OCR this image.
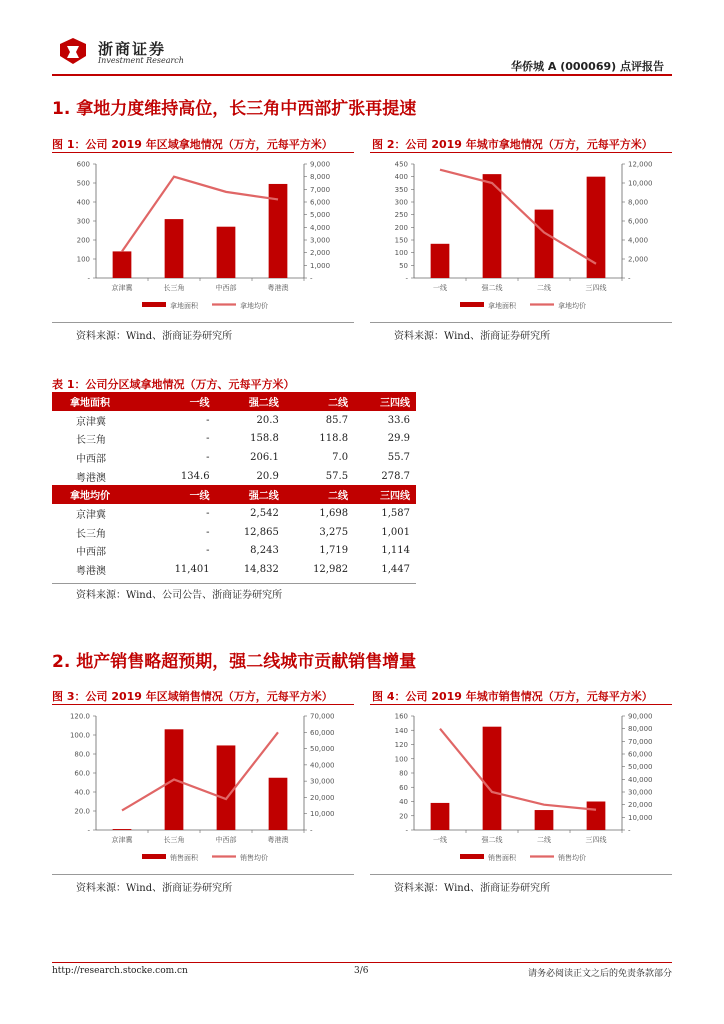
浙商证券
Investment Research	华侨城 A (000069) 点评报告
1. 拿地力度维持高位，长三角中西部扩张再提速
图 1：公司 2019 年区域拿地情况（万方，元每平方米）
-
100
200
300
400
500
600
-
1,000
2,000
3,000
4,000
5,000
6,000
7,000
8,000
9,000
京津冀	长三角	中西部	粤港澳
拿地面积	拿地均价
资料来源：Wind、浙商证券研究所
图 2：公司 2019 年城市拿地情况（万方，元每平方米）
-
50
100
150
200
250
300
350
400
450
-
2,000
4,000
6,000
8,000
10,000
12,000
一线	强二线	二线	三四线
拿地面积	拿地均价
资料来源：Wind、浙商证券研究所
表 1：公司分区域拿地情况（万方、元每平方米）
拿地面积	一线	强二线	二线	三四线
京津冀	-	20.3	85.7	33.6
长三角	-	158.8	118.8	29.9
中西部	-	206.1	7.0	55.7
粤港澳	134.6	20.9	57.5	278.7
拿地均价	一线	强二线	二线	三四线
京津冀	-	2,542	1,698	1,587
长三角	-	12,865	3,275	1,001
中西部	-	8,243	1,719	1,114
粤港澳	11,401	14,832	12,982	1,447
资料来源：Wind、公司公告、浙商证券研究所
2. 地产销售略超预期，强二线城市贡献销售增量
图 3：公司 2019 年区域销售情况（万方，元每平方米）
-
20.0
40.0
60.0
80.0
100.0
120.0
-
10,000
20,000
30,000
40,000
50,000
60,000
70,000
京津冀	长三角	中西部	粤港澳
销售面积	销售均价
资料来源：Wind、浙商证券研究所
图 4：公司 2019 年城市销售情况（万方，元每平方米）
-
20
40
60
80
100
120
140
160
-
10,000
20,000
30,000
40,000
50,000
60,000
70,000
80,000
90,000
一线	强二线	二线	三四线
销售面积	销售均价
资料来源：Wind、浙商证券研究所
http://research.stocke.com.cn	3/6	请务必阅读正文之后的免责条款部分
